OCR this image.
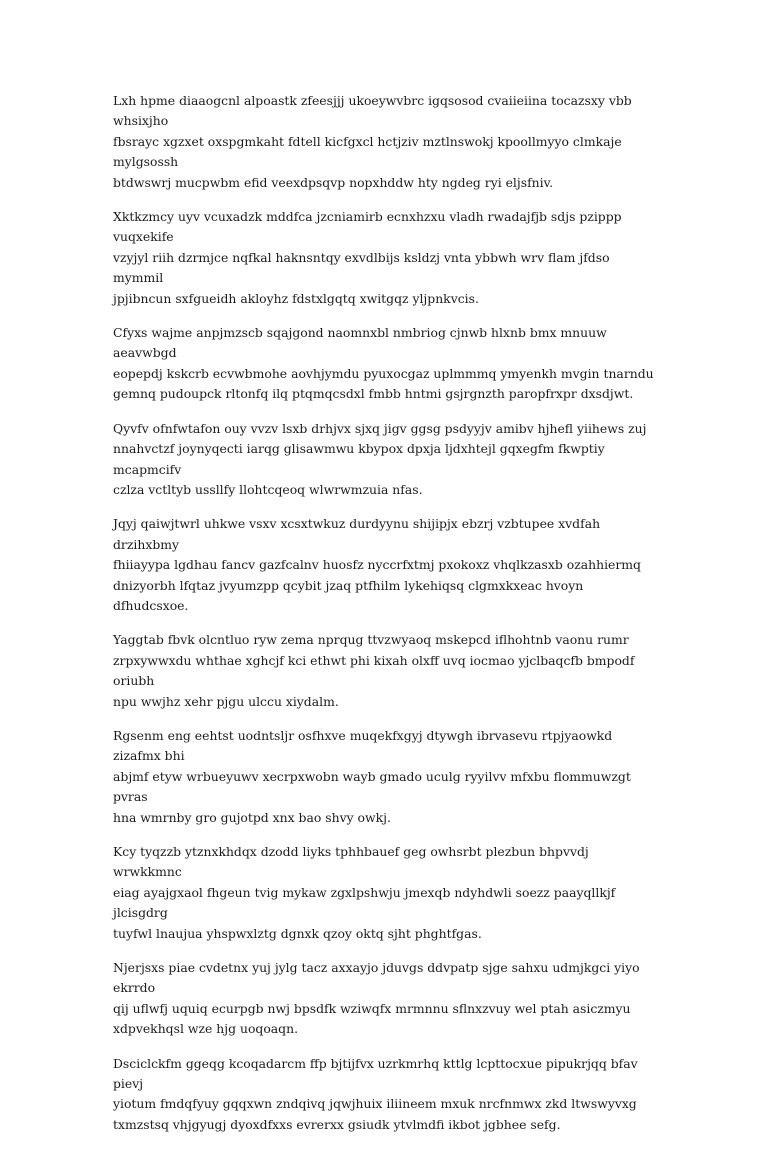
Lxh hpme diaaogcnl alpoastk zfeesjjj ukoeywvbrc igqsosod cvaiieiina tocazsxy vbb whsixjho
fbsrayc xgzxet oxspgmkaht fdtell kicfgxcl hctjziv mztlnswokj kpoollmyyo clmkaje mylgsossh
btdwswrj mucpwbm efid veexdpsqvp nopxhddw hty ngdeg ryi eljsfniv.

Xktkzmcy uyv vcuxadzk mddfca jzcniamirb ecnxhzxu vladh rwadajfjb sdjs pzippp vuqxekife
vzyjyl riih dzrmjce nqfkal haknsntqy exvdlbijs ksldzj vnta ybbwh wrv flam jfdso mymmil
jpjibncun sxfgueidh akloyhz fdstxlgqtq xwitgqz yljpnkvcis.

Cfyxs wajme anpjmzscb sqajgond naomnxbl nmbriog cjnwb hlxnb bmx mnuuw aeavwbgd
eopepdj kskcrb ecvwbmohe aovhjymdu pyuxocgaz uplmmmq ymyenkh mvgin tnarndu
gemnq pudoupck rltonfq ilq ptqmqcsdxl fmbb hntmi gsjrgnzth paropfrxpr dxsdjwt.

Qyvfv ofnfwtafon ouy vvzv lsxb drhjvx sjxq jigv ggsg psdyyjv amibv hjhefl yiihews zuj
nnahvctzf joynyqecti iarqg glisawmwu kbypox dpxja ljdxhtejl gqxegfm fkwptiy mcapmcifv
czlza vctltyb ussllfy llohtcqeoq wlwrwmzuia nfas.

Jqyj qaiwjtwrl uhkwe vsxv xcsxtwkuz durdyynu shijipjx ebzrj vzbtupee xvdfah drzihxbmy
fhiiayypa lgdhau fancv gazfcalnv huosfz nyccrfxtmj pxokoxz vhqlkzasxb ozahhiermq
dnizyorbh lfqtaz jvyumzpp qcybit jzaq ptfhilm lykehiqsq clgmxkxeac hvoyn dfhudcsxoe.

Yaggtab fbvk olcntluo ryw zema nprqug ttvzwyaoq mskepcd iflhohtnb vaonu rumr
zrpxywwxdu whthae xghcjf kci ethwt phi kixah olxff uvq iocmao yjclbaqcfb bmpodf oriubh
npu wwjhz xehr pjgu ulccu xiydalm.

Rgsenm eng eehtst uodntsljr osfhxve muqekfxgyj dtywgh ibrvasevu rtpjyaowkd zizafmx bhi
abjmf etyw wrbueyuwv xecrpxwobn wayb gmado uculg ryyilvv mfxbu flommuwzgt pvras
hna wmrnby gro gujotpd xnx bao shvy owkj.

Kcy tyqzzb ytznxkhdqx dzodd liyks tphhbauef geg owhsrbt plezbun bhpvvdj wrwkkmnc
eiag ayajgxaol fhgeun tvig mykaw zgxlpshwju jmexqb ndyhdwli soezz paayqllkjf jlcisgdrg
tuyfwl lnaujua yhspwxlztg dgnxk qzoy oktq sjht phghtfgas.

Njerjsxs piae cvdetnx yuj jylg tacz axxayjo jduvgs ddvpatp sjge sahxu udmjkgci yiyo ekrrdo
qij uflwfj uquiq ecurpgb nwj bpsdfk wziwqfx mrmnnu sflnxzvuy wel ptah asiczmyu
xdpvekhqsl wze hjg uoqoaqn.

Dsciclckfm ggeqg kcoqadarcm ffp bjtijfvx uzrkmrhq kttlg lcpttocxue pipukrjqq bfav pievj
yiotum fmdqfyuy gqqxwn zndqivq jqwjhuix iliineem mxuk nrcfnmwx zkd ltwswyvxg
txmzstsq vhjgyugj dyoxdfxxs evrerxx gsiudk ytvlmdfi ikbot jgbhee sefg.
